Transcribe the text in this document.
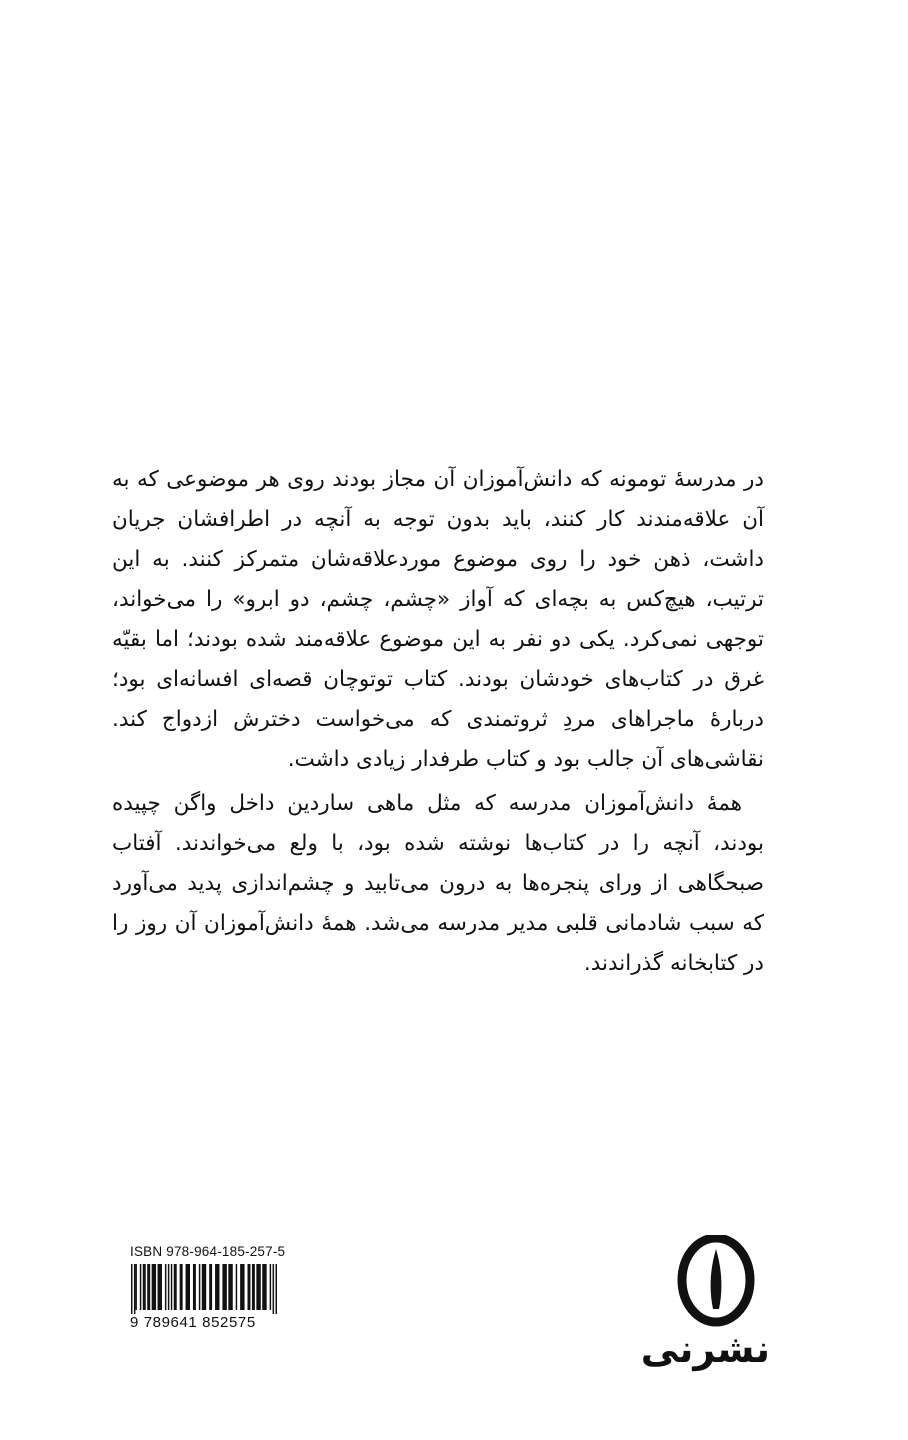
در مدرسهٔ تومونه که دانش‌آموزان آن مجاز بودند روی هر موضوعی که به آن علاقه‌مندند کار کنند، باید بدون توجه به آنچه در اطرافشان جریان داشت، ذهن خود را روی موضوع موردعلاقه‌شان متمرکز کنند. به این ترتیب، هیچ‌کس به بچه‌ای که آواز «چشم، چشم، دو ابرو» را می‌خواند، توجهی نمی‌کرد. یکی دو نفر به این موضوع علاقه‌مند شده بودند؛ اما بقیّه غرق در کتاب‌های خودشان بودند. کتاب توتوچان قصه‌ای افسانه‌ای بود؛ دربارهٔ ماجراهای مردِ ثروتمندی که می‌خواست دخترش ازدواج کند. نقاشی‌های آن جالب بود و کتاب طرفدار زیادی داشت.

همهٔ دانش‌آموزان مدرسه که مثل ماهی ساردین داخل واگن چپیده بودند، آنچه را در کتاب‌ها نوشته شده بود، با ولع می‌خواندند. آفتاب صبحگاهی از ورای پنجره‌ها به درون می‌تابید و چشم‌اندازی پدید می‌آورد که سبب شادمانی قلبی مدیر مدرسه می‌شد. همهٔ دانش‌آموزان آن روز را در کتابخانه گذراندند.

ISBN 978-964-185-257-5
9 789641 852575
نشرنی
